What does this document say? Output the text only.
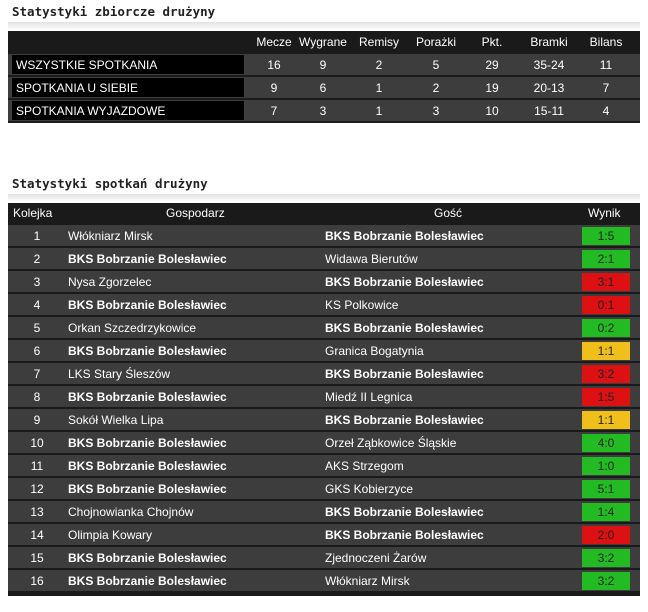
Statystyki zbiorcze drużyny
Mecze Wygrane Remisy Porażki Pkt. Bramki Bilans
WSZYSTKIE SPOTKANIA	16	9	2	5	29	35-24	11
SPOTKANIA U SIEBIE	9	6	1	2	19	20-13	7
SPOTKANIA WYJAZDOWE	7	3	1	3	10	15-11	4
Statystyki spotkań drużyny
Kolejka	Gospodarz	Gość	Wynik
1	Włókniarz Mirsk	BKS Bobrzanie Bolesławiec	1:5
2	BKS Bobrzanie Bolesławiec	Widawa Bierutów	2:1
3	Nysa Zgorzelec	BKS Bobrzanie Bolesławiec	3:1
4	BKS Bobrzanie Bolesławiec	KS Polkowice	0:1
5	Orkan Szczedrzykowice	BKS Bobrzanie Bolesławiec	0:2
6	BKS Bobrzanie Bolesławiec	Granica Bogatynia	1:1
7	LKS Stary Śleszów	BKS Bobrzanie Bolesławiec	3:2
8	BKS Bobrzanie Bolesławiec	Miedź II Legnica	1:5
9	Sokół Wielka Lipa	BKS Bobrzanie Bolesławiec	1:1
10	BKS Bobrzanie Bolesławiec	Orzeł Ząbkowice Śląskie	4:0
11	BKS Bobrzanie Bolesławiec	AKS Strzegom	1:0
12	BKS Bobrzanie Bolesławiec	GKS Kobierzyce	5:1
13	Chojnowianka Chojnów	BKS Bobrzanie Bolesławiec	1:4
14	Olimpia Kowary	BKS Bobrzanie Bolesławiec	2:0
15	BKS Bobrzanie Bolesławiec	Zjednoczeni Żarów	3:2
16	BKS Bobrzanie Bolesławiec	Włókniarz Mirsk	3:2
